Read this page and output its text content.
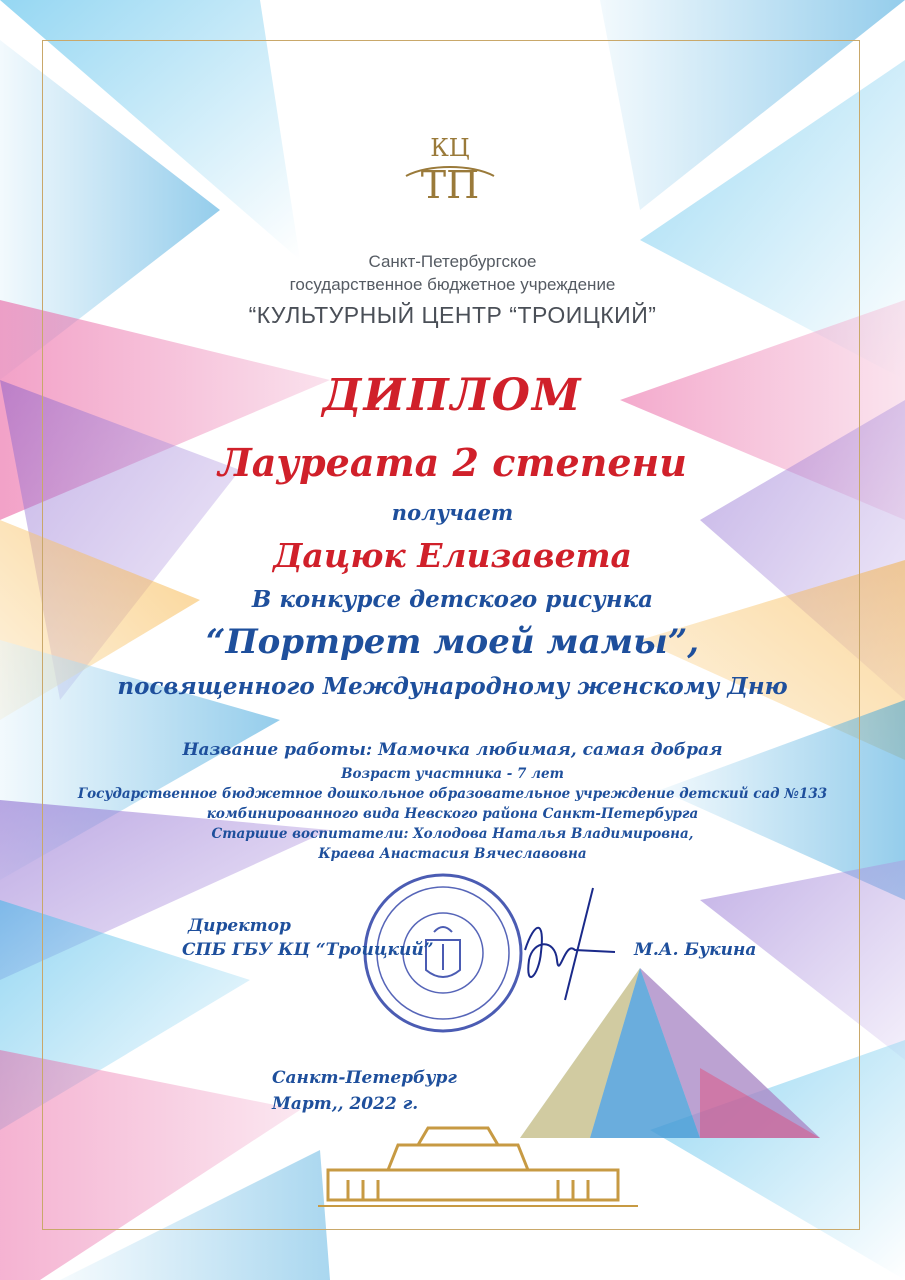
КЦ
ТП
Санкт-Петербургское
государственное бюджетное учреждение
“КУЛЬТУРНЫЙ ЦЕНТР “ТРОИЦКИЙ”
ДИПЛОМ
Лауреата 2 степени
получает
Дацюк Елизавета
В конкурсе детского рисунка
“Портрет моей мамы”,
посвященного Международному женскому Дню
Название работы: Мамочка любимая, самая добрая
Возраст участника - 7 лет
Государственное бюджетное дошкольное образовательное учреждение детский сад №133
комбинированного вида Невского района Санкт-Петербурга
Старшие воспитатели: Холодова Наталья Владимировна,
Краева Анастасия Вячеславовна
Директор
СПБ ГБУ КЦ “Троицкий”	М.А. Букина
Санкт-Петербург
Март,, 2022 г.
